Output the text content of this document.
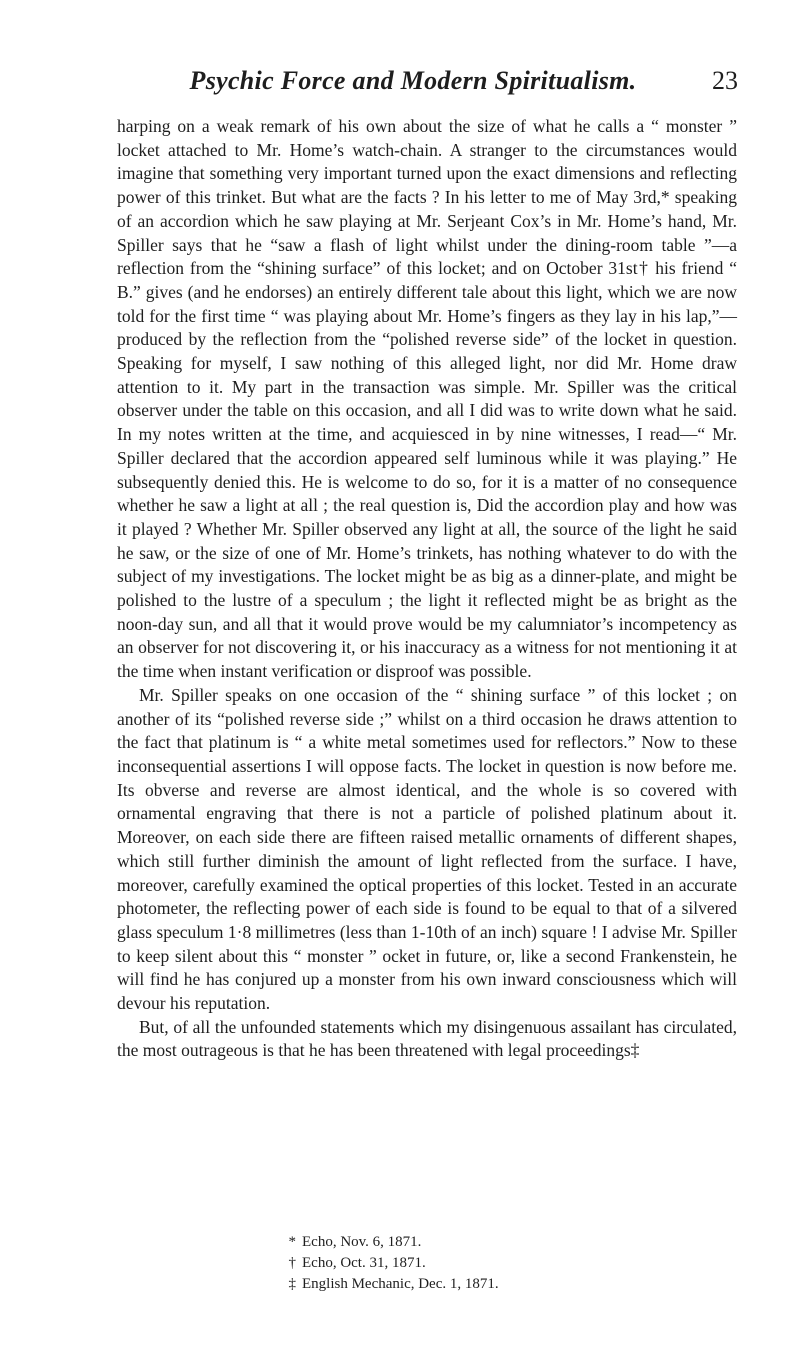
Psychic Force and Modern Spiritualism.	23

harping on a weak remark of his own about the size of what he calls a “ monster ” locket attached to Mr. Home’s watch-chain. A stranger to the circumstances would imagine that something very important turned upon the exact dimensions and reflecting power of this trinket. But what are the facts ? In his letter to me of May 3rd,* speaking of an accordion which he saw playing at Mr. Serjeant Cox’s in Mr. Home’s hand, Mr. Spiller says that he “saw a flash of light whilst under the dining-room table ”—a reflection from the “shining surface” of this locket; and on October 31st† his friend “ B.” gives (and he endorses) an entirely different tale about this light, which we are now told for the first time “ was playing about Mr. Home’s fingers as they lay in his lap,”—produced by the reflection from the “polished reverse side” of the locket in question. Speaking for myself, I saw nothing of this alleged light, nor did Mr. Home draw attention to it. My part in the transaction was simple. Mr. Spiller was the critical observer under the table on this occasion, and all I did was to write down what he said. In my notes written at the time, and acquiesced in by nine witnesses, I read—“ Mr. Spiller declared that the accordion appeared self luminous while it was playing.” He subsequently denied this. He is welcome to do so, for it is a matter of no consequence whether he saw a light at all ; the real question is, Did the accordion play and how was it played ? Whether Mr. Spiller observed any light at all, the source of the light he said he saw, or the size of one of Mr. Home’s trinkets, has nothing whatever to do with the subject of my investigations. The locket might be as big as a dinner-plate, and might be polished to the lustre of a speculum ; the light it reflected might be as bright as the noon-day sun, and all that it would prove would be my calumniator’s incompetency as an observer for not discovering it, or his inaccuracy as a witness for not mentioning it at the time when instant verification or disproof was possible.

Mr. Spiller speaks on one occasion of the “ shining surface ” of this locket ; on another of its “polished reverse side ;” whilst on a third occasion he draws attention to the fact that platinum is “ a white metal sometimes used for reflectors.” Now to these inconsequential assertions I will oppose facts. The locket in question is now before me. Its obverse and reverse are almost identical, and the whole is so covered with ornamental engraving that there is not a particle of polished platinum about it. Moreover, on each side there are fifteen raised metallic ornaments of different shapes, which still further diminish the amount of light reflected from the surface. I have, moreover, carefully examined the optical properties of this locket. Tested in an accurate photometer, the reflecting power of each side is found to be equal to that of a silvered glass speculum 1·8 millimetres (less than 1-10th of an inch) square ! I advise Mr. Spiller to keep silent about this “ monster ” ocket in future, or, like a second Frankenstein, he will find he has conjured up a monster from his own inward consciousness which will devour his reputation.

But, of all the unfounded statements which my disingenuous assailant has circulated, the most outrageous is that he has been threatened with legal proceedings‡

* Echo, Nov. 6, 1871.
† Echo, Oct. 31, 1871.
‡ English Mechanic, Dec. 1, 1871.
